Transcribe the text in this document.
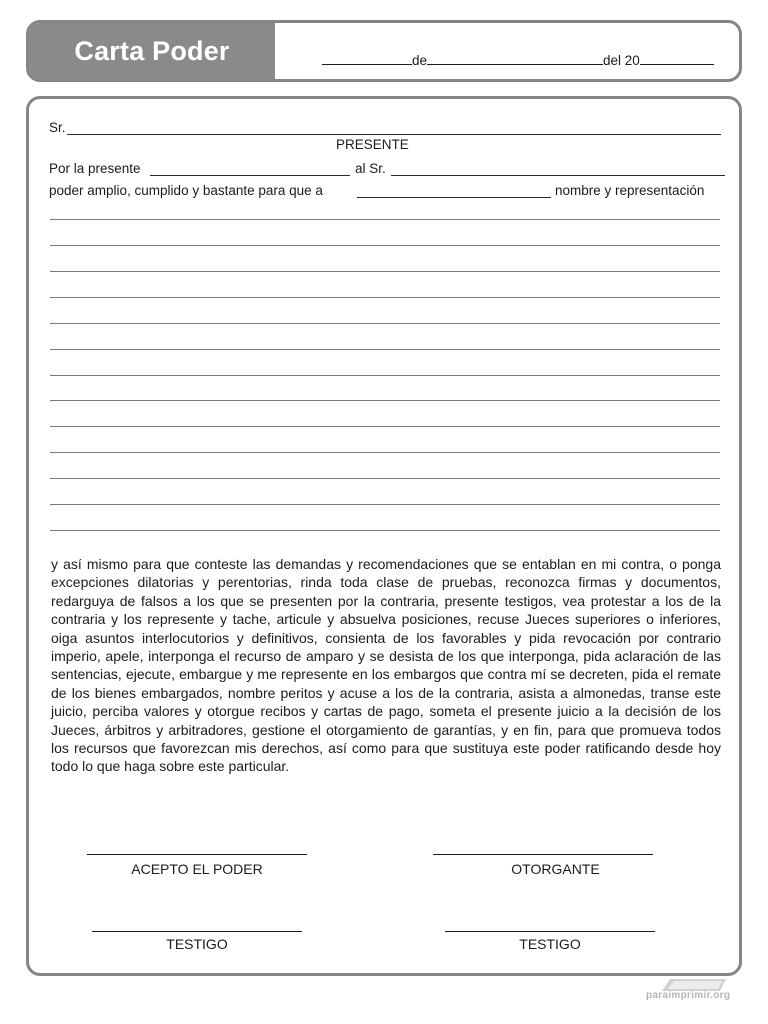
Carta Poder	de	del 20
Sr.
PRESENTE
Por la presente	al Sr.
poder amplio, cumplido y bastante para que a	nombre y representación
y así mismo para que conteste las demandas y recomendaciones que se entablan en mi contra, o ponga excepciones dilatorias y perentorias, rinda toda clase de pruebas, reconozca firmas y documentos, redarguya de falsos a los que se presenten por la contraria, presente testigos, vea protestar a los de la contraria y los represente y tache, articule y absuelva posiciones, recuse Jueces superiores o inferiores, oiga asuntos interlocutorios y definitivos, consienta de los favorables y pida revocación por contrario imperio, apele, interponga el recurso de amparo y se desista de los que interponga, pida aclaración de las sentencias, ejecute, embargue y me represente en los embargos que contra mí se decreten, pida el remate de los bienes embargados, nombre peritos y acuse a los de la contraria, asista a almonedas, transe este juicio, perciba valores y otorgue recibos y cartas de pago, someta el presente juicio a la decisión de los Jueces, árbitros y arbitradores, gestione el otorgamiento de garantías, y en fin, para que promueva todos los recursos que favorezcan mis derechos, así como para que sustituya este poder ratificando desde hoy todo lo que haga sobre este particular.
ACEPTO EL PODER	OTORGANTE
TESTIGO	TESTIGO
paraimprimir.org
